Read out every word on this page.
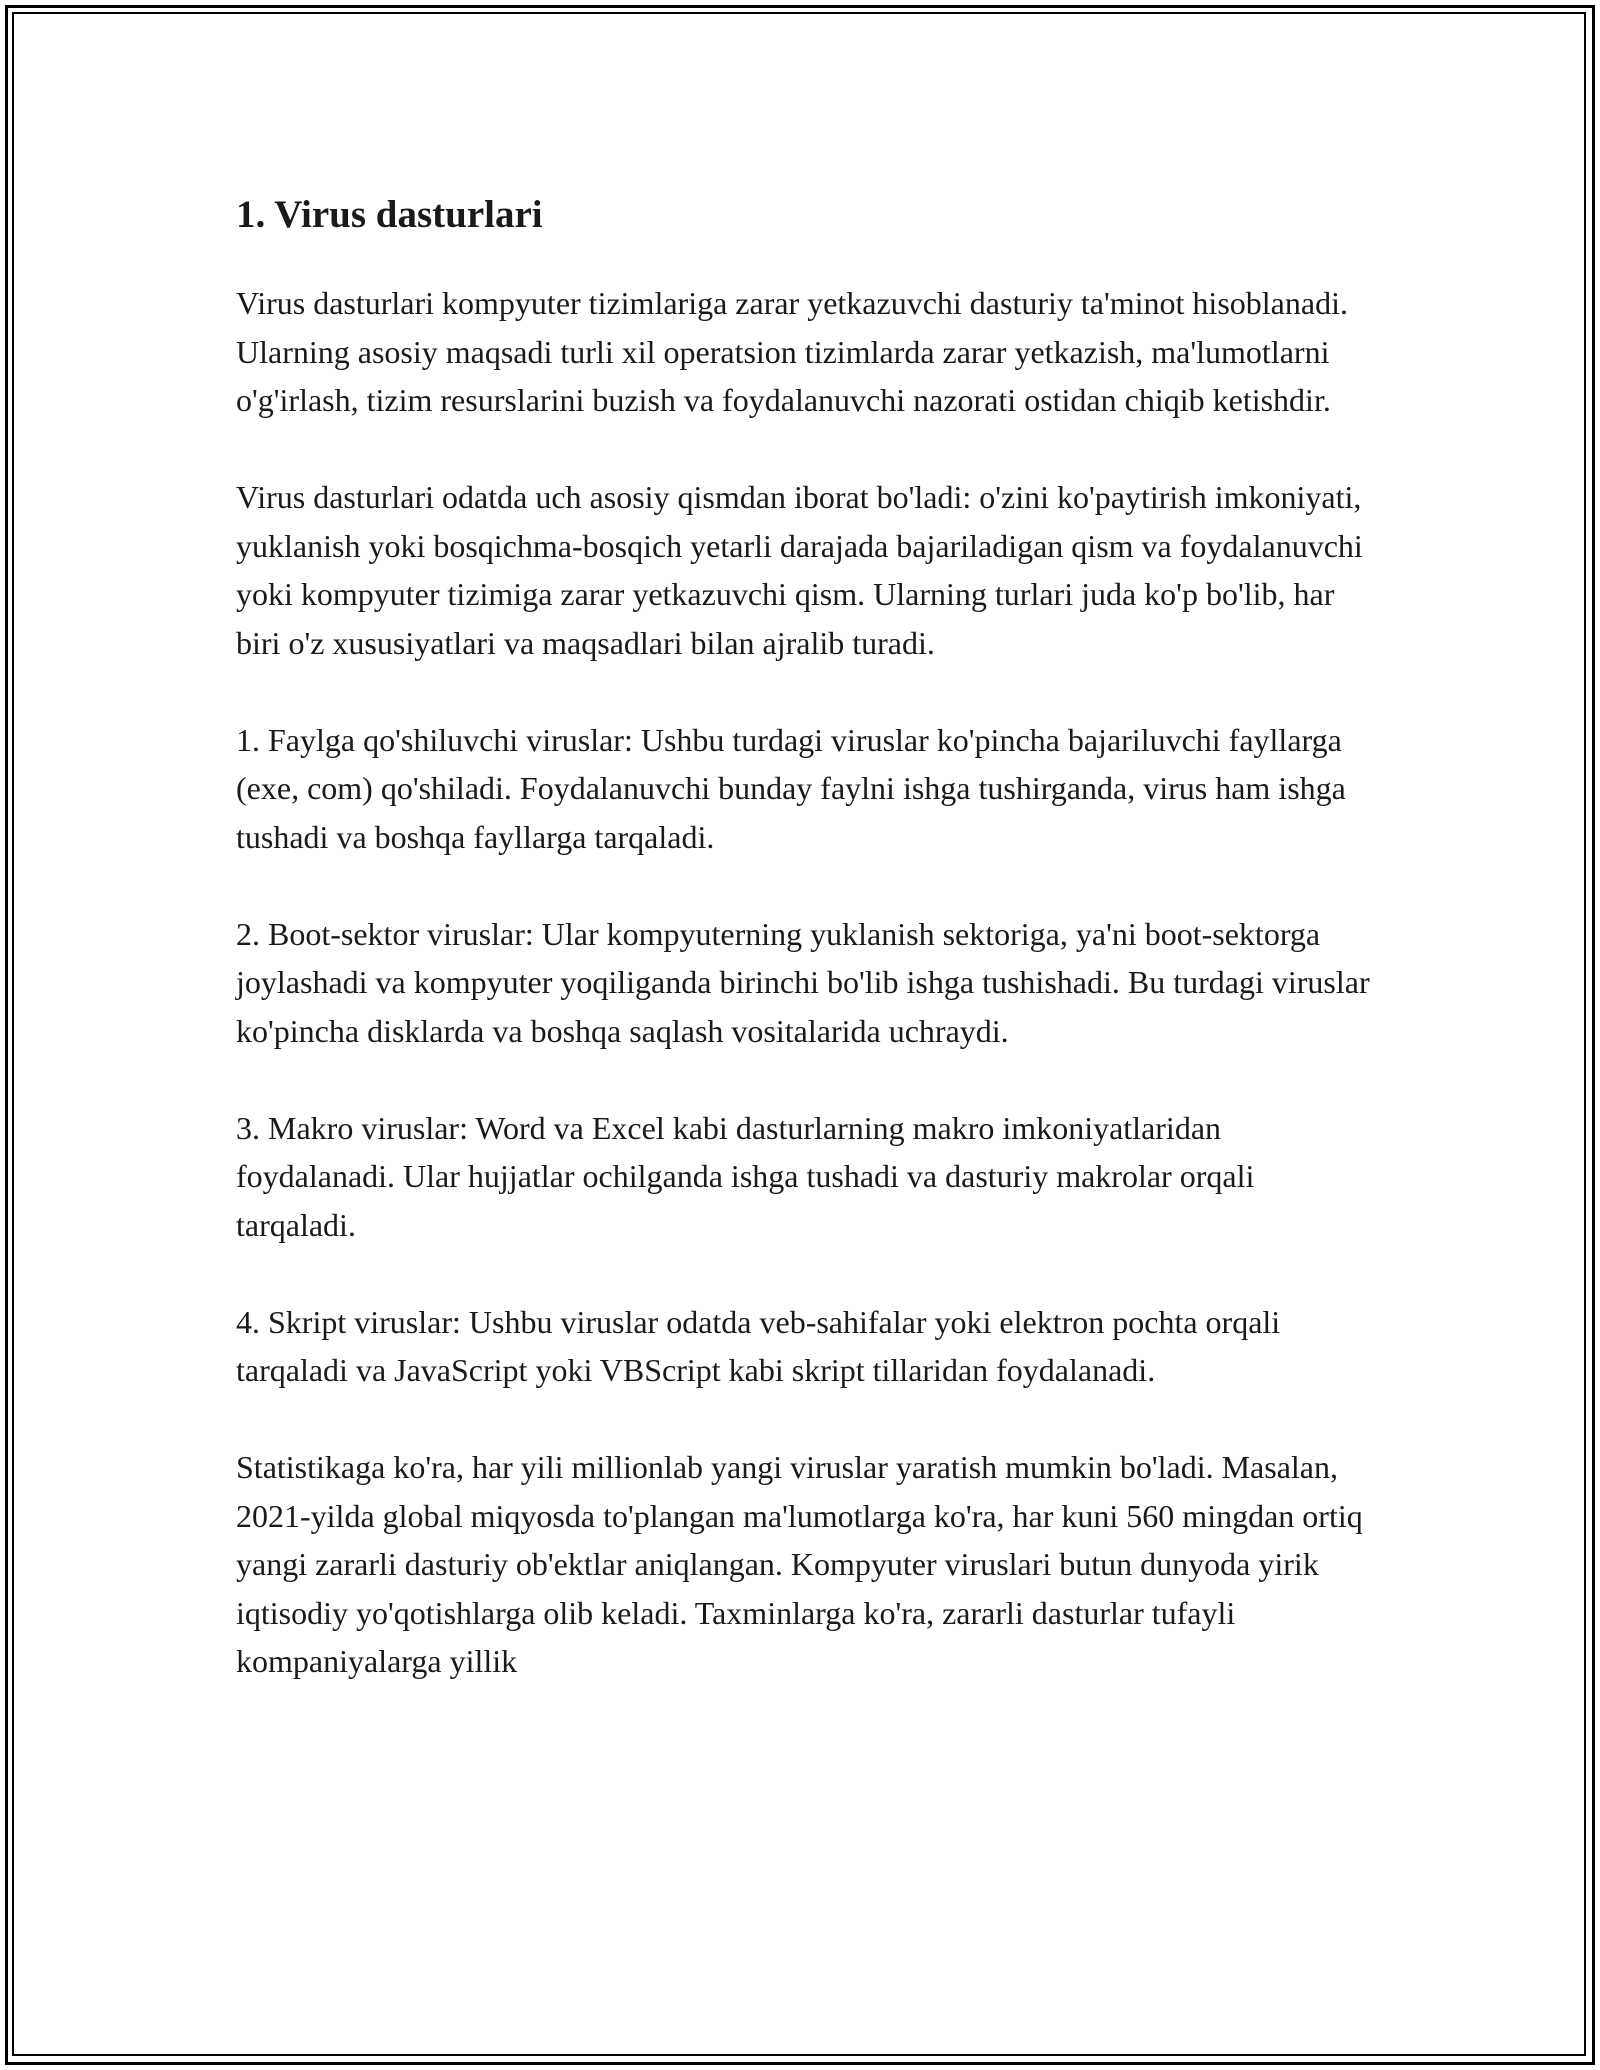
1. Virus dasturlari

Virus dasturlari kompyuter tizimlariga zarar yetkazuvchi dasturiy ta'minot hisoblanadi. Ularning asosiy maqsadi turli xil operatsion tizimlarda zarar yetkazish, ma'lumotlarni o'g'irlash, tizim resurslarini buzish va foydalanuvchi nazorati ostidan chiqib ketishdir.

Virus dasturlari odatda uch asosiy qismdan iborat bo'ladi: o'zini ko'paytirish imkoniyati, yuklanish yoki bosqichma-bosqich yetarli darajada bajariladigan qism va foydalanuvchi yoki kompyuter tizimiga zarar yetkazuvchi qism. Ularning turlari juda ko'p bo'lib, har biri o'z xususiyatlari va maqsadlari bilan ajralib turadi.

1. Faylga qo'shiluvchi viruslar: Ushbu turdagi viruslar ko'pincha bajariluvchi fayllarga (exe, com) qo'shiladi. Foydalanuvchi bunday faylni ishga tushirganda, virus ham ishga tushadi va boshqa fayllarga tarqaladi.

2. Boot-sektor viruslar: Ular kompyuterning yuklanish sektoriga, ya'ni boot-sektorga joylashadi va kompyuter yoqiliganda birinchi bo'lib ishga tushishadi. Bu turdagi viruslar ko'pincha disklarda va boshqa saqlash vositalarida uchraydi.

3. Makro viruslar: Word va Excel kabi dasturlarning makro imkoniyatlaridan foydalanadi. Ular hujjatlar ochilganda ishga tushadi va dasturiy makrolar orqali tarqaladi.

4. Skript viruslar: Ushbu viruslar odatda veb-sahifalar yoki elektron pochta orqali tarqaladi va JavaScript yoki VBScript kabi skript tillaridan foydalanadi.

Statistikaga ko'ra, har yili millionlab yangi viruslar yaratish mumkin bo'ladi. Masalan, 2021-yilda global miqyosda to'plangan ma'lumotlarga ko'ra, har kuni 560 mingdan ortiq yangi zararli dasturiy ob'ektlar aniqlangan. Kompyuter viruslari butun dunyoda yirik iqtisodiy yo'qotishlarga olib keladi. Taxminlarga ko'ra, zararli dasturlar tufayli kompaniyalarga yillik
